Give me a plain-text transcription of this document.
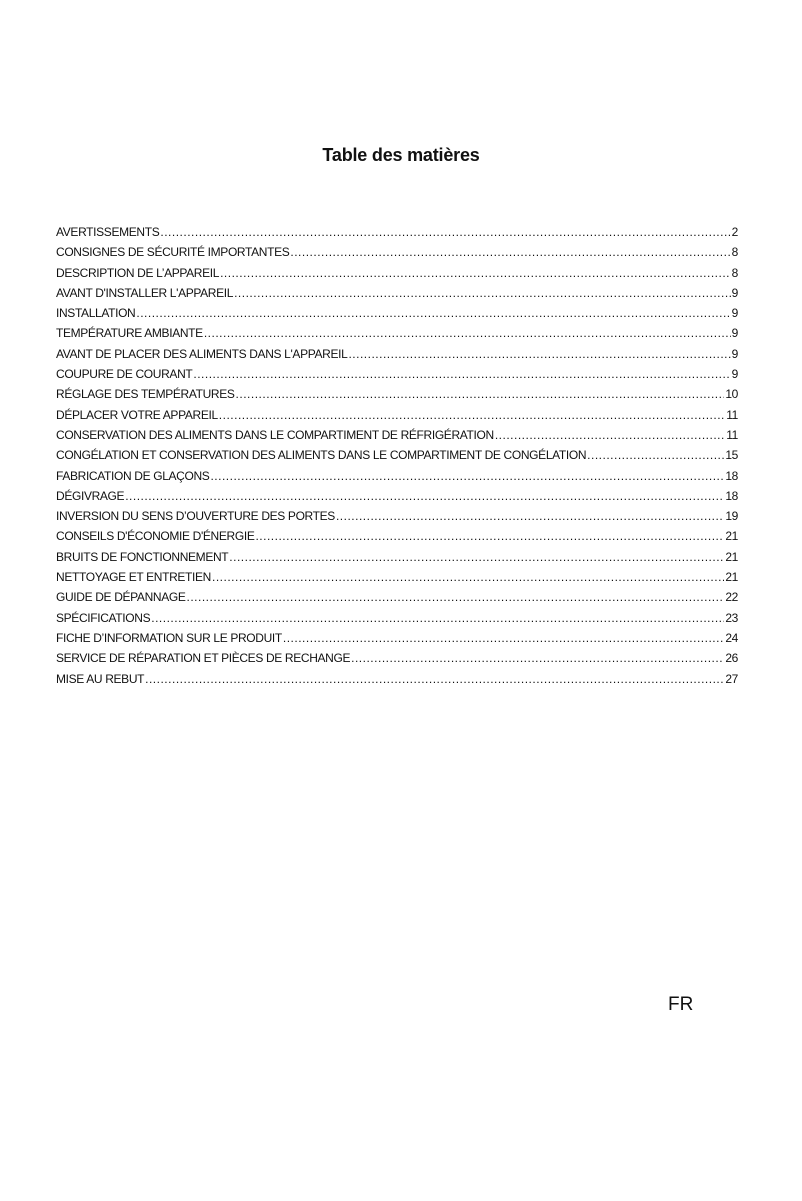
Table des matières
AVERTISSEMENTS .....	2
CONSIGNES DE SÉCURITÉ IMPORTANTES .....	8
DESCRIPTION DE L’APPAREIL .....	8
AVANT D'INSTALLER L'APPAREIL .....	9
INSTALLATION .....	9
TEMPÉRATURE AMBIANTE .....	9
AVANT DE PLACER DES ALIMENTS DANS L'APPAREIL .....	9
COUPURE DE COURANT .....	9
RÉGLAGE DES TEMPÉRATURES .....	10
DÉPLACER VOTRE APPAREIL .....	11
CONSERVATION DES ALIMENTS DANS LE COMPARTIMENT DE RÉFRIGÉRATION .....	11
CONGÉLATION ET CONSERVATION DES ALIMENTS DANS LE COMPARTIMENT DE CONGÉLATION .....	15
FABRICATION DE GLAÇONS .....	18
DÉGIVRAGE .....	18
INVERSION DU SENS D’OUVERTURE DES PORTES .....	19
CONSEILS D'ÉCONOMIE D'ÉNERGIE .....	21
BRUITS DE FONCTIONNEMENT .....	21
NETTOYAGE ET ENTRETIEN .....	21
GUIDE DE DÉPANNAGE .....	22
SPÉCIFICATIONS .....	23
FICHE D’INFORMATION SUR LE PRODUIT .....	24
SERVICE DE RÉPARATION ET PIÈCES DE RECHANGE .....	26
MISE AU REBUT .....	27
FR
